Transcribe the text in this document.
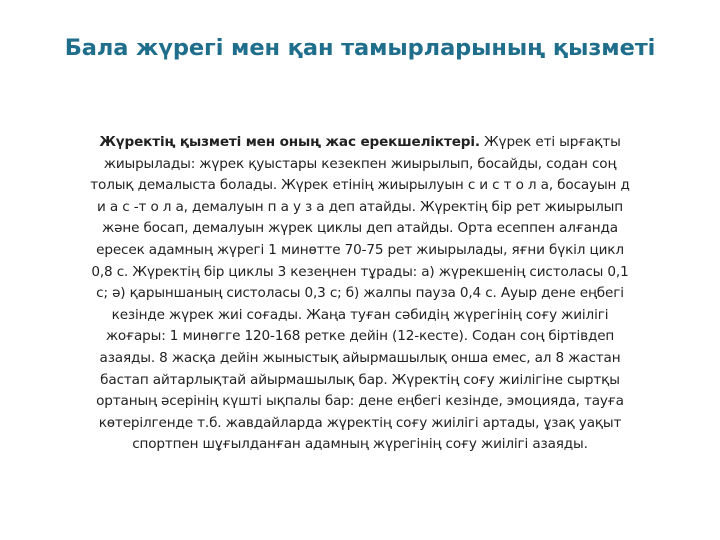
Бала жүрегі мен қан тамырларының қызметі

Жүректің қызметі мен оның жас ерекшеліктері. Жүрек еті ырғақты
жиырылады: жүрек қуыстары кезекпен жиырылып, босайды, содан соң
толық демалыста болады. Жүрек етінің жиырылуын с и с т о л а, босауын д
и а с -т о л а, демалуын п а у з а деп атайды. Жүректің бір рет жиырылып
және босап, демалуын жүрек циклы деп атайды. Орта есеппен алғанда
ересек адамның жүрегі 1 минөтте 70-75 рет жиырылады, яғни бүкіл цикл
0,8 с. Жүректің бір циклы 3 кезеңнен тұрады: а) жүрекшенің систоласы 0,1
с; ә) қарыншаның систоласы 0,3 с; б) жалпы пауза 0,4 с. Ауыр дене еңбегі
кезінде жүрек жиі соғады. Жаңа туған сәбидің жүрегінің соғу жиілігі
жоғары: 1 минөгге 120-168 ретке дейін (12-кесте). Содан соң біртівдеп
азаяды. 8 жасқа дейін жыныстық айырмашылық онша емес, ал 8 жастан
бастап айтарлықтай айырмашылық бар. Жүректің соғу жиілігіне сыртқы
ортаның әсерінің күшті ықпалы бар: дене еңбегі кезінде, эмоцияда, тауға
көтерілгенде т.б. жавдайларда жүректің соғу жиілігі артады, ұзақ уақыт
спортпен шұғылданған адамның жүрегінің соғу жиілігі азаяды.
